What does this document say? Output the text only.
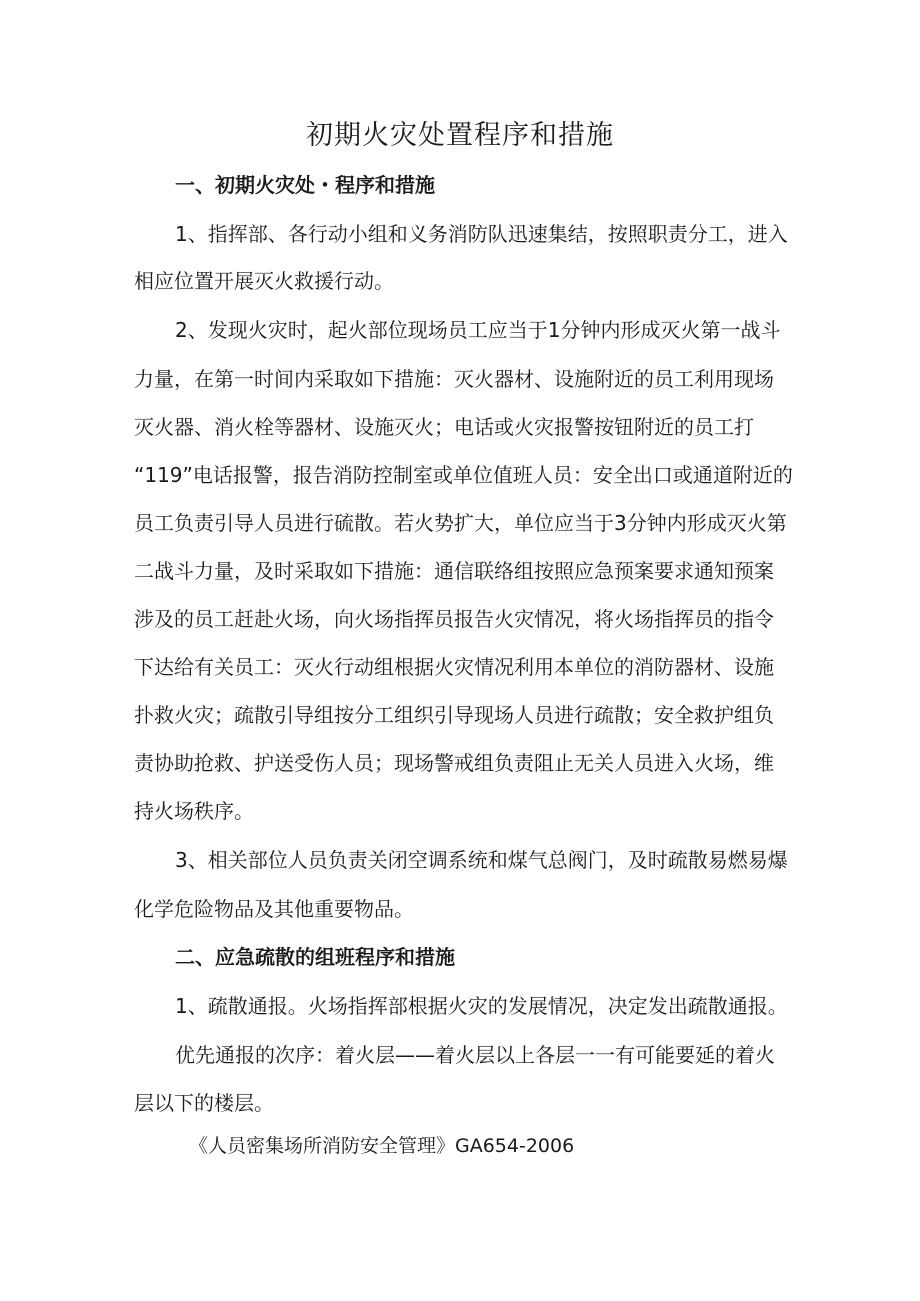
初期火灾处置程序和措施

一、初期火灾处・程序和措施

1、指挥部、各行动小组和义务消防队迅速集结，按照职责分工，进入

相应位置开展灭火救援行动。

2、发现火灾时，起火部位现场员工应当于1分钟内形成灭火第一战斗

力量，在第一时间内采取如下措施：灭火器材、设施附近的员工利用现场

灭火器、消火栓等器材、设施灭火；电话或火灾报警按钮附近的员工打

“119”电话报警，报告消防控制室或单位值班人员：安全出口或通道附近的

员工负责引导人员进行硫散。若火势扩大，单位应当于3分钟内形成灭火第

二战斗力量，及时采取如下措施：通信联络组按照应急预案要求通知预案

涉及的员工赶赴火场，向火场指挥员报告火灾情况，将火场指挥员的指令

下达给有关员工：灭火行动组根据火灾情况利用本单位的消防器材、设施

扑救火灾；疏散引导组按分工组织引导现场人员进行疏散；安全救护组负

责协助抢救、护送受伤人员；现场警戒组负责阻止无关人员进入火场，维

持火场秩序。

3、相关部位人员负责关闭空调系统和煤气总阀门，及时疏散易燃易爆

化学危险物品及其他重要物品。

二、应急疏散的组班程序和措施

1、疏散通报。火场指挥部根据火灾的发展情况，决定发出疏散通报。

优先通报的次序：着火层——着火层以上各层一一有可能要延的着火

层以下的楼层。

《人员密集场所消防安全管理》GA654-2006
